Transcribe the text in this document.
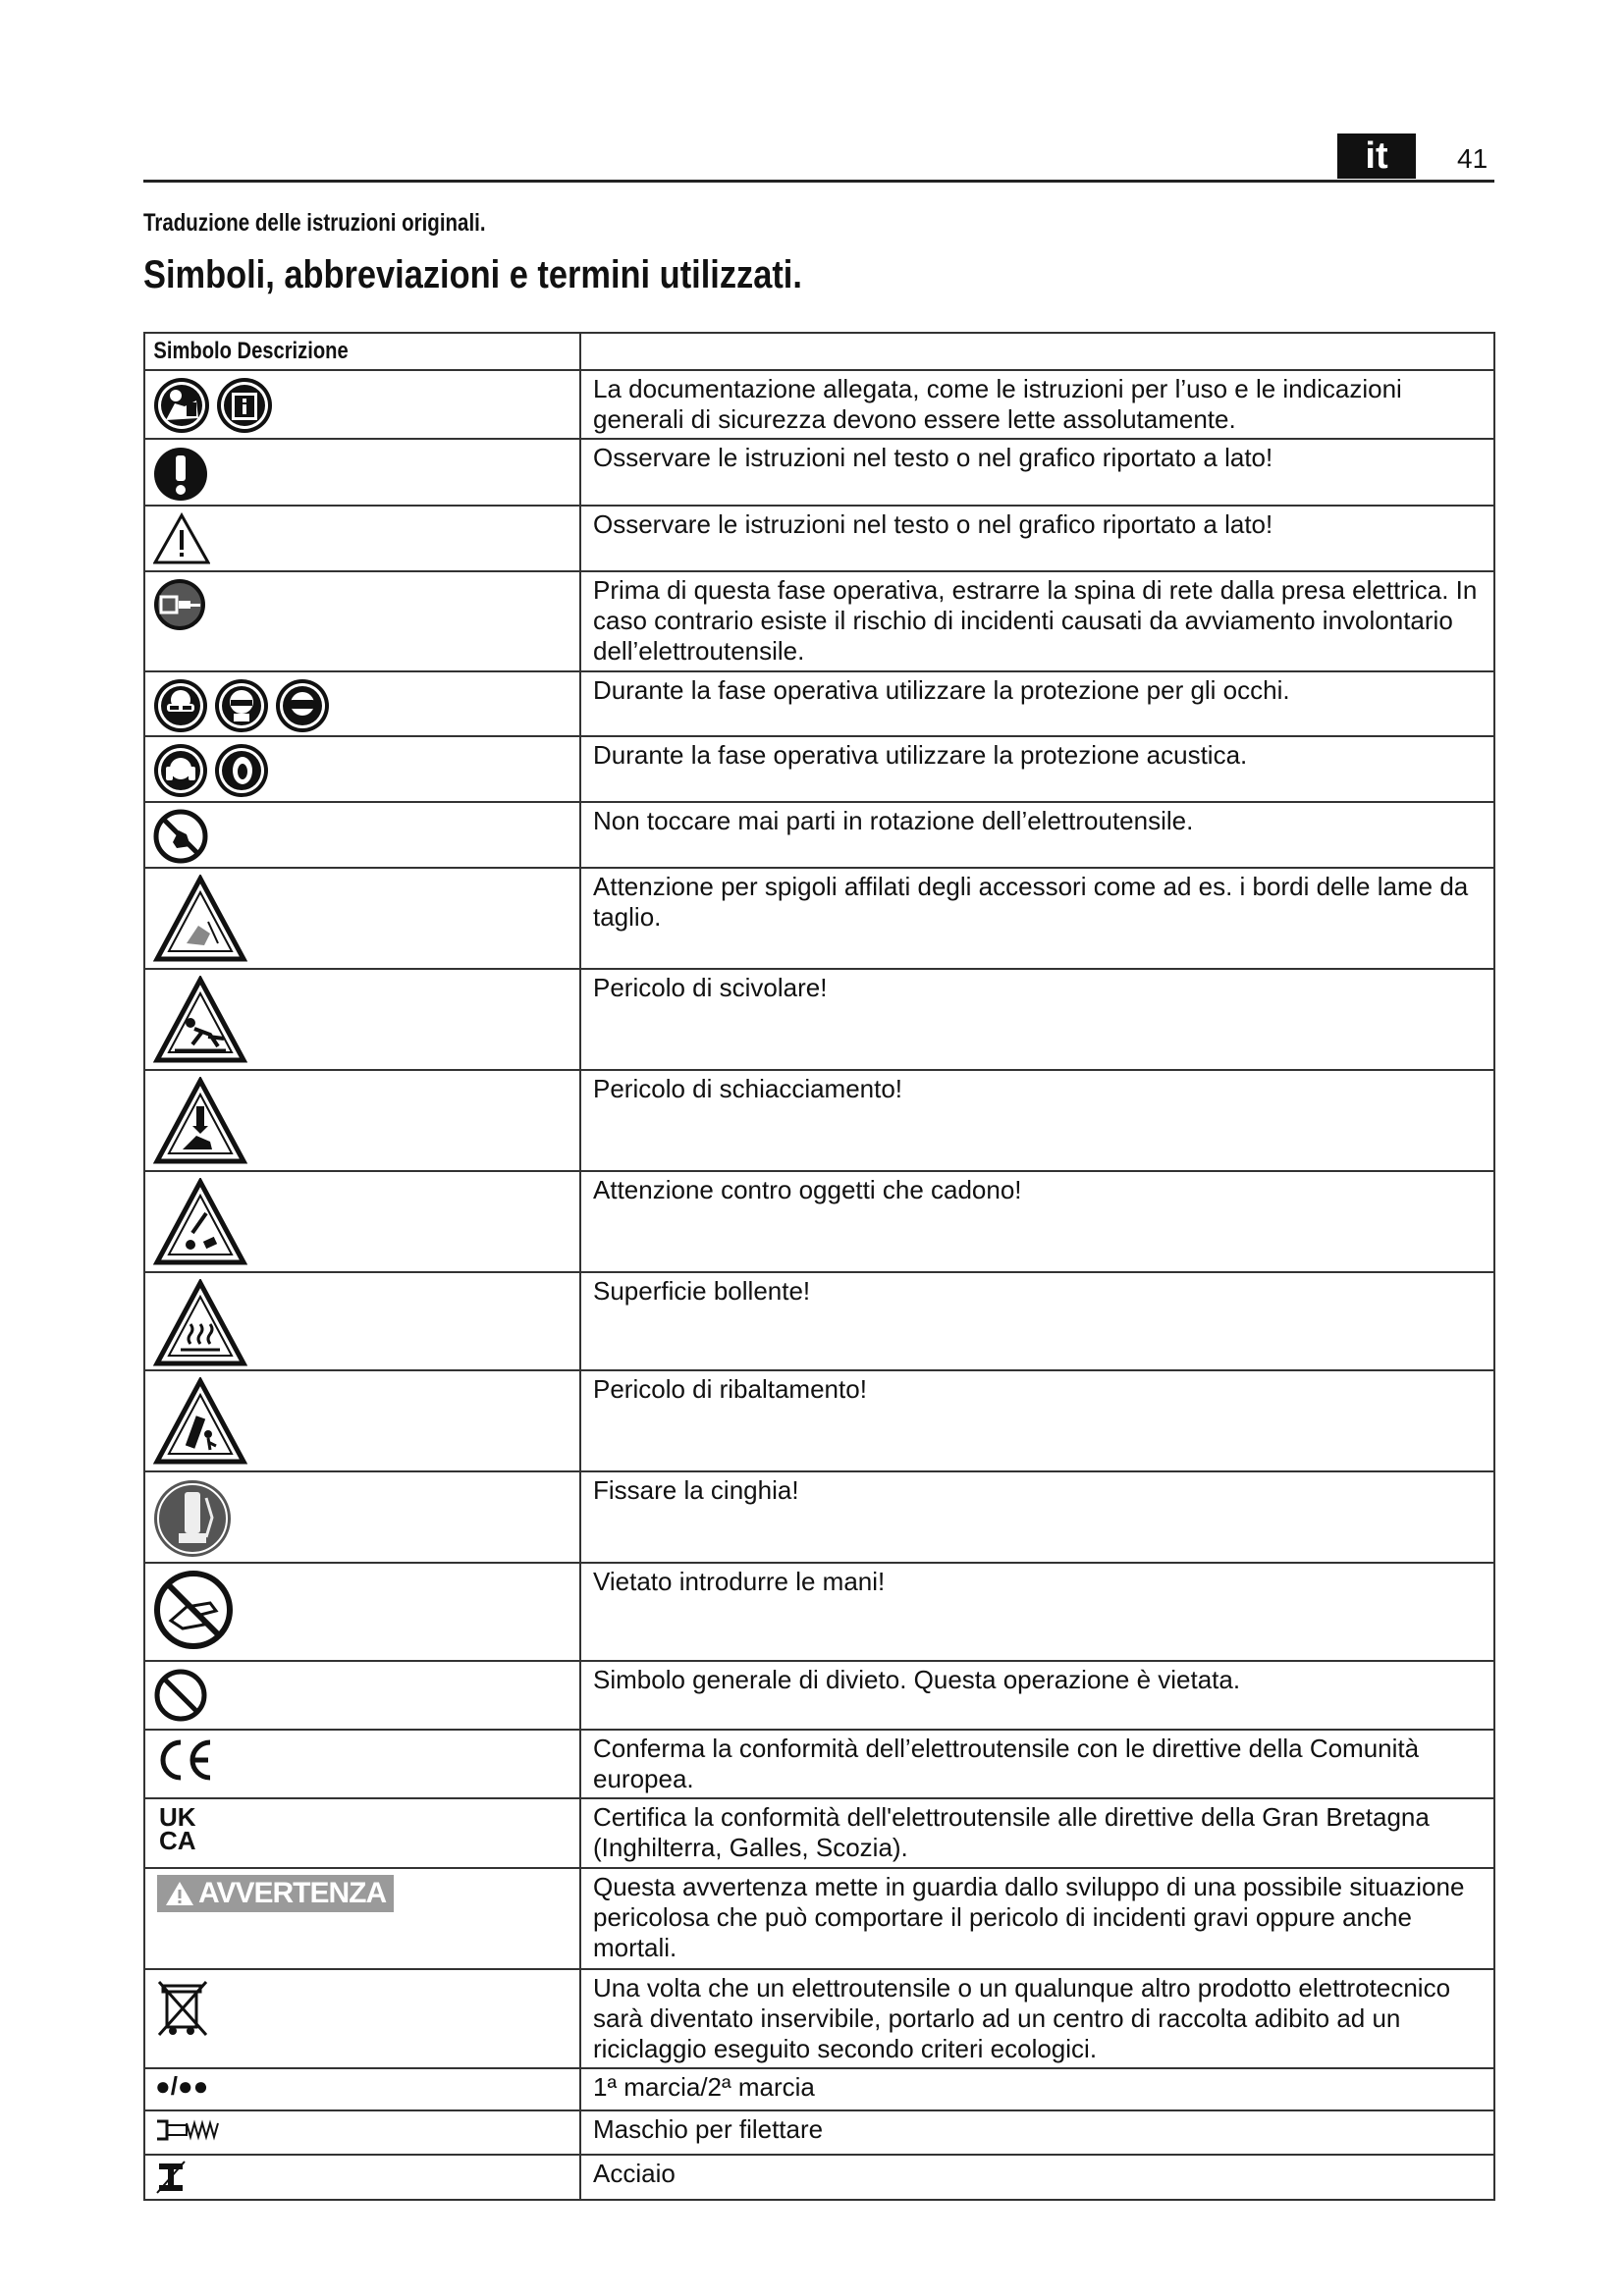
it	41
Traduzione delle istruzioni originali.
Simboli, abbreviazioni e termini utilizzati.
Simbolo Descrizione	

	La documentazione allegata, come le istruzioni per l’uso e le indicazioni generali di sicurezza devono essere lette assolutamente.

	Osservare le istruzioni nel testo o nel grafico riportato a lato!

	Osservare le istruzioni nel testo o nel grafico riportato a lato!

	Prima di questa fase operativa, estrarre la spina di rete dalla presa elettrica. In caso contrario esiste il rischio di incidenti causati da avviamento involontario dell’elettroutensile.

	Durante la fase operativa utilizzare la protezione per gli occhi.

	Durante la fase operativa utilizzare la protezione acustica.

	Non toccare mai parti in rotazione dell’elettroutensile.

	Attenzione per spigoli affilati degli accessori come ad es. i bordi delle lame da taglio.

	Pericolo di scivolare!

	Pericolo di schiacciamento!

	Attenzione contro oggetti che cadono!

	Superficie bollente!

	Pericolo di ribaltamento!

	Fissare la cinghia!

	Vietato introdurre le mani!

	Simbolo generale di divieto. Questa operazione è vietata.

	Conferma la conformità dell’elettroutensile con le direttive della Comunità europea.

UK CA	Certifica la conformità dell'elettroutensile alle direttive della Gran Bretagna (Inghilterra, Galles, Scozia).

AVVERTENZA	Questa avvertenza mette in guardia dallo sviluppo di una possibile situazione pericolosa che può comportare il pericolo di incidenti gravi oppure anche mortali.

	Una volta che un elettroutensile o un qualunque altro prodotto elettrotecnico sarà diventato inservibile, portarlo ad un centro di raccolta adibito ad un riciclaggio eseguito secondo criteri ecologici.

●/●●	1ª marcia/2ª marcia

	Maschio per filettare

	Acciaio
